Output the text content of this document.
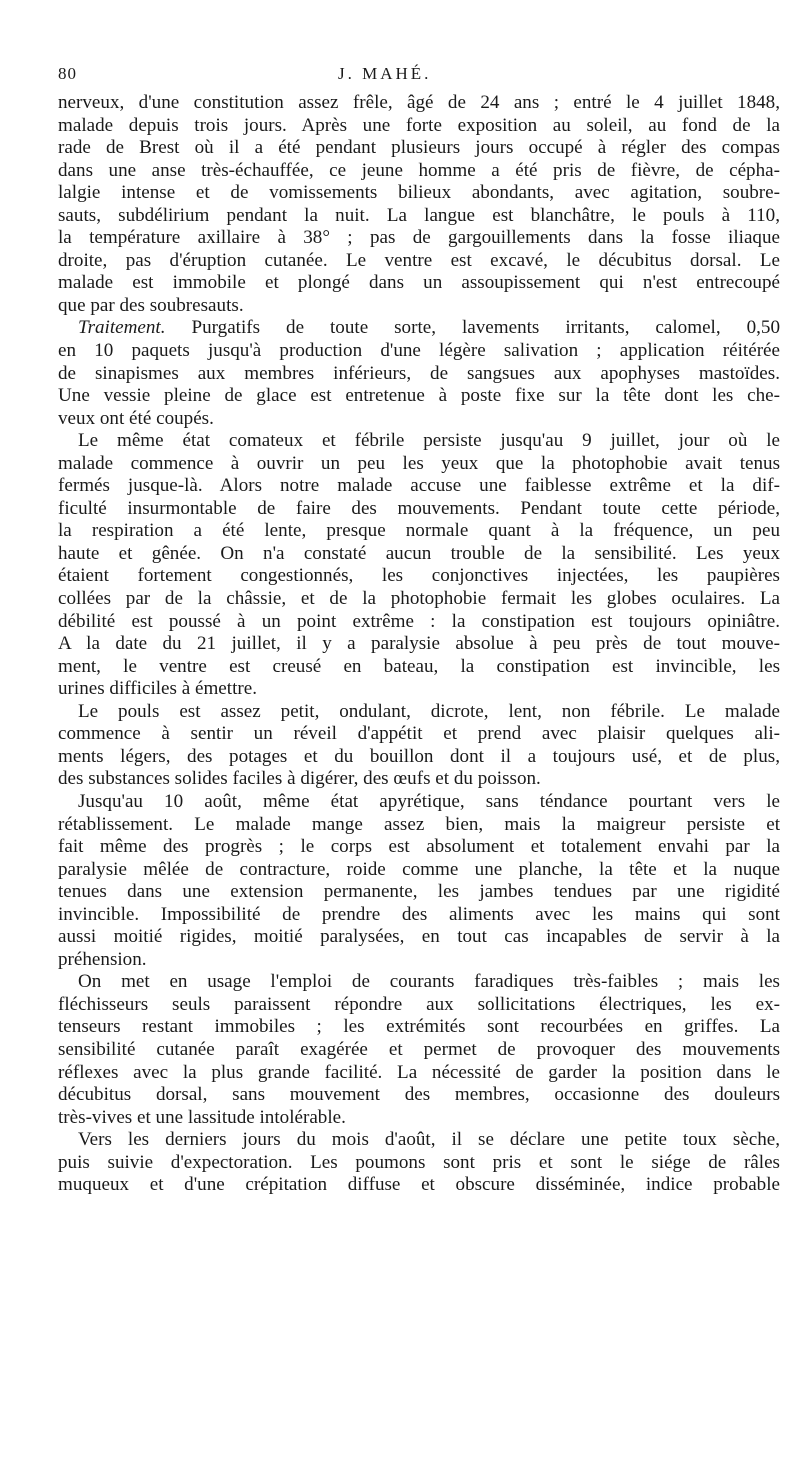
80	J. MAHÉ.
nerveux, d'une constitution assez frêle, âgé de 24 ans ; entré le 4 juillet 1848,
malade depuis trois jours. Après une forte exposition au soleil, au fond de la
rade de Brest où il a été pendant plusieurs jours occupé à régler des compas
dans une anse très-échauffée, ce jeune homme a été pris de fièvre, de cépha-
lalgie intense et de vomissements bilieux abondants, avec agitation, soubre-
sauts, subdélirium pendant la nuit. La langue est blanchâtre, le pouls à 110,
la température axillaire à 38° ; pas de gargouillements dans la fosse iliaque
droite, pas d'éruption cutanée. Le ventre est excavé, le décubitus dorsal. Le
malade est immobile et plongé dans un assoupissement qui n'est entrecoupé
que par des soubresauts.
Traitement. Purgatifs de toute sorte, lavements irritants, calomel, 0,50
en 10 paquets jusqu'à production d'une légère salivation ; application réitérée
de sinapismes aux membres inférieurs, de sangsues aux apophyses mastoïdes.
Une vessie pleine de glace est entretenue à poste fixe sur la tête dont les che-
veux ont été coupés.
Le même état comateux et fébrile persiste jusqu'au 9 juillet, jour où le
malade commence à ouvrir un peu les yeux que la photophobie avait tenus
fermés jusque-là. Alors notre malade accuse une faiblesse extrême et la dif-
ficulté insurmontable de faire des mouvements. Pendant toute cette période,
la respiration a été lente, presque normale quant à la fréquence, un peu
haute et gênée. On n'a constaté aucun trouble de la sensibilité. Les yeux
étaient fortement congestionnés, les conjonctives injectées, les paupières
collées par de la châssie, et de la photophobie fermait les globes oculaires. La
débilité est poussé à un point extrême : la constipation est toujours opiniâtre.
A la date du 21 juillet, il y a paralysie absolue à peu près de tout mouve-
ment, le ventre est creusé en bateau, la constipation est invincible, les
urines difficiles à émettre.
Le pouls est assez petit, ondulant, dicrote, lent, non fébrile. Le malade
commence à sentir un réveil d'appétit et prend avec plaisir quelques ali-
ments légers, des potages et du bouillon dont il a toujours usé, et de plus,
des substances solides faciles à digérer, des œufs et du poisson.
Jusqu'au 10 août, même état apyrétique, sans téndance pourtant vers le
rétablissement. Le malade mange assez bien, mais la maigreur persiste et
fait même des progrès ; le corps est absolument et totalement envahi par la
paralysie mêlée de contracture, roide comme une planche, la tête et la nuque
tenues dans une extension permanente, les jambes tendues par une rigidité
invincible. Impossibilité de prendre des aliments avec les mains qui sont
aussi moitié rigides, moitié paralysées, en tout cas incapables de servir à la
préhension.
On met en usage l'emploi de courants faradiques très-faibles ; mais les
fléchisseurs seuls paraissent répondre aux sollicitations électriques, les ex-
tenseurs restant immobiles ; les extrémités sont recourbées en griffes. La
sensibilité cutanée paraît exagérée et permet de provoquer des mouvements
réflexes avec la plus grande facilité. La nécessité de garder la position dans le
décubitus dorsal, sans mouvement des membres, occasionne des douleurs
très-vives et une lassitude intolérable.
Vers les derniers jours du mois d'août, il se déclare une petite toux sèche,
puis suivie d'expectoration. Les poumons sont pris et sont le siége de râles
muqueux et d'une crépitation diffuse et obscure disséminée, indice probable
